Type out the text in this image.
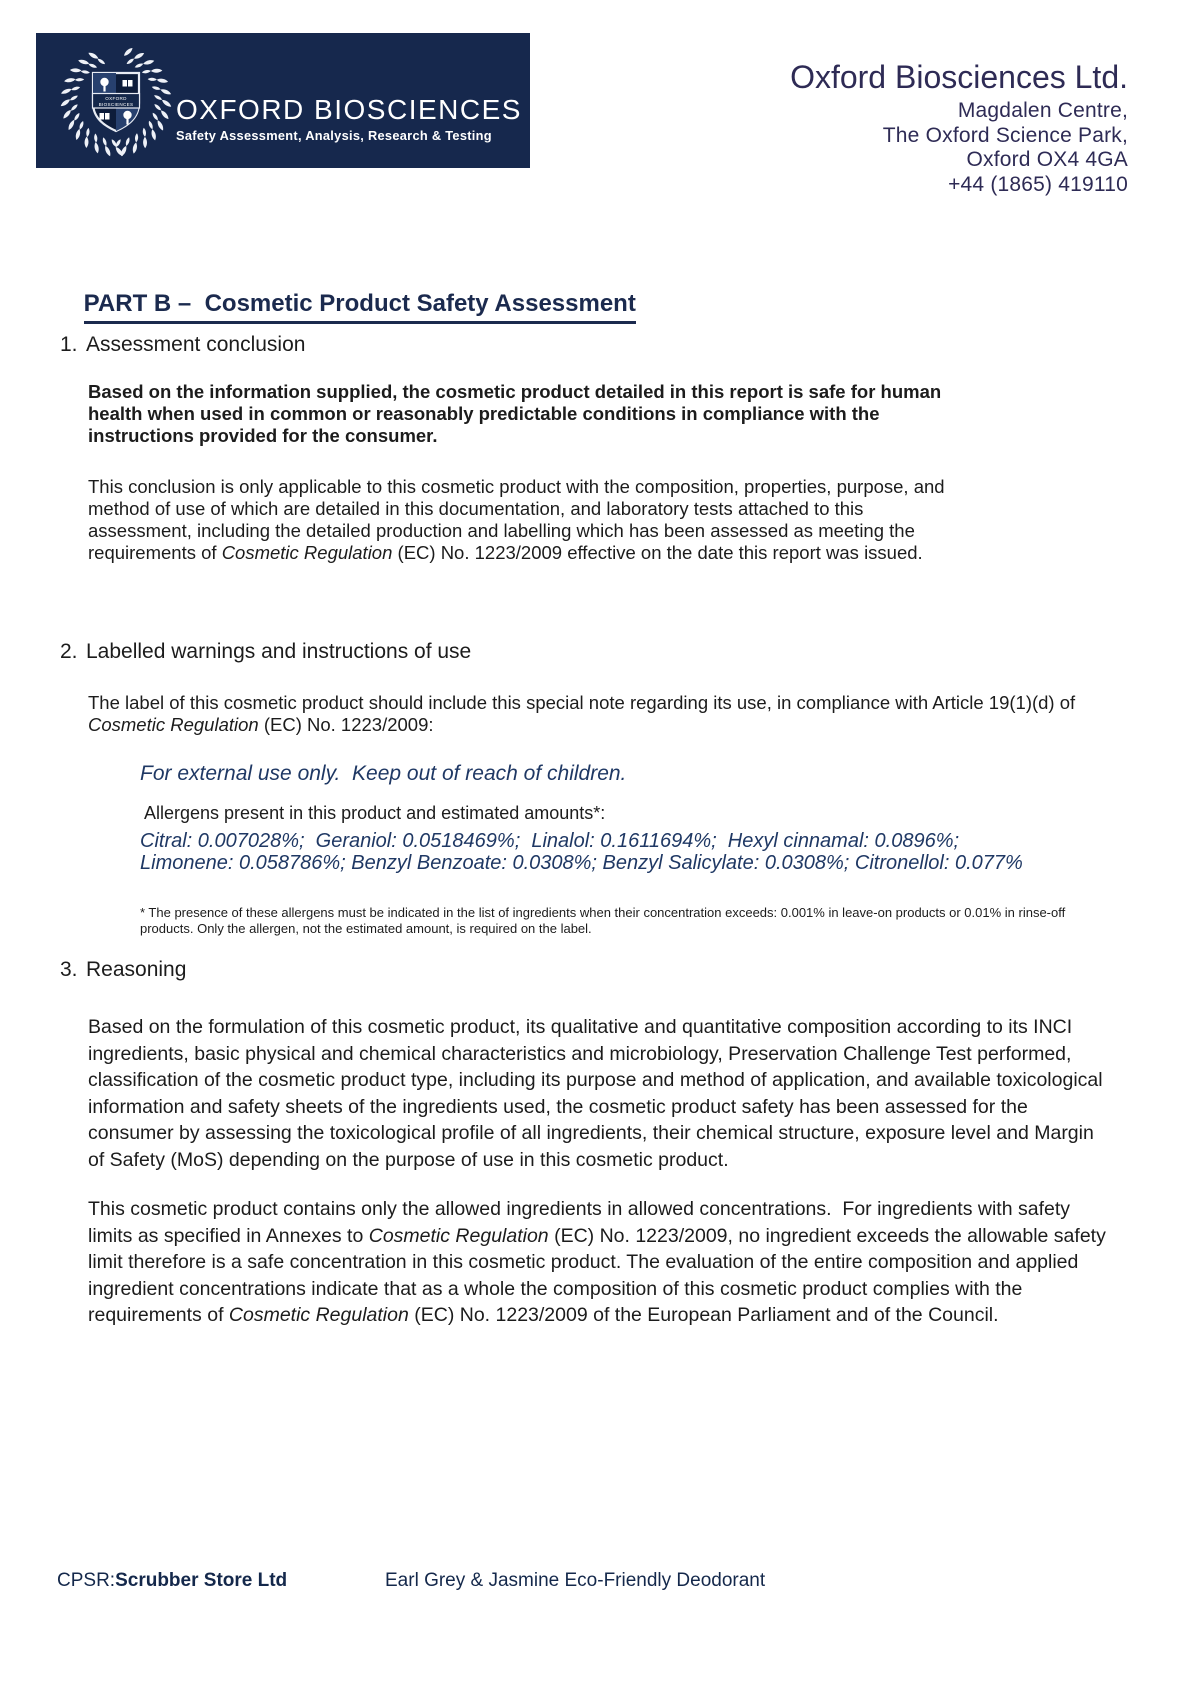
OXFORD
BIOSCIENCES OXFORD BIOSCIENCES
Safety Assessment, Analysis, Research & Testing
Oxford Biosciences Ltd.
Magdalen Centre,
The Oxford Science Park,
Oxford OX4 4GA
+44 (1865) 419110

PART B –  Cosmetic Product Safety Assessment

1. Assessment conclusion

Based on the information supplied, the cosmetic product detailed in this report is safe for human health when used in common or reasonably predictable conditions in compliance with the instructions provided for the consumer.

This conclusion is only applicable to this cosmetic product with the composition, properties, purpose, and method of use of which are detailed in this documentation, and laboratory tests attached to this assessment, including the detailed production and labelling which has been assessed as meeting the requirements of Cosmetic Regulation (EC) No. 1223/2009 effective on the date this report was issued.

2. Labelled warnings and instructions of use

The label of this cosmetic product should include this special note regarding its use, in compliance with Article 19(1)(d) of Cosmetic Regulation (EC) No. 1223/2009:

For external use only.  Keep out of reach of children.
Allergens present in this product and estimated amounts*:
Citral: 0.007028%;  Geraniol: 0.0518469%;  Linalol: 0.1611694%;  Hexyl cinnamal: 0.0896%; Limonene: 0.058786%; Benzyl Benzoate: 0.0308%; Benzyl Salicylate: 0.0308%; Citronellol: 0.077%
* The presence of these allergens must be indicated in the list of ingredients when their concentration exceeds: 0.001% in leave-on products or 0.01% in rinse-off products. Only the allergen, not the estimated amount, is required on the label.
3. Reasoning

Based on the formulation of this cosmetic product, its qualitative and quantitative composition according to its INCI ingredients, basic physical and chemical characteristics and microbiology, Preservation Challenge Test performed, classification of the cosmetic product type, including its purpose and method of application, and available toxicological information and safety sheets of the ingredients used, the cosmetic product safety has been assessed for the consumer by assessing the toxicological profile of all ingredients, their chemical structure, exposure level and Margin of Safety (MoS) depending on the purpose of use in this cosmetic product.

This cosmetic product contains only the allowed ingredients in allowed concentrations.  For ingredients with safety limits as specified in Annexes to Cosmetic Regulation (EC) No. 1223/2009, no ingredient exceeds the allowable safety limit therefore is a safe concentration in this cosmetic product. The evaluation of the entire composition and applied ingredient concentrations indicate that as a whole the composition of this cosmetic product complies with the requirements of Cosmetic Regulation (EC) No. 1223/2009 of the European Parliament and of the Council.

CPSR:Scrubber Store Ltd	Earl Grey & Jasmine Eco-Friendly Deodorant
